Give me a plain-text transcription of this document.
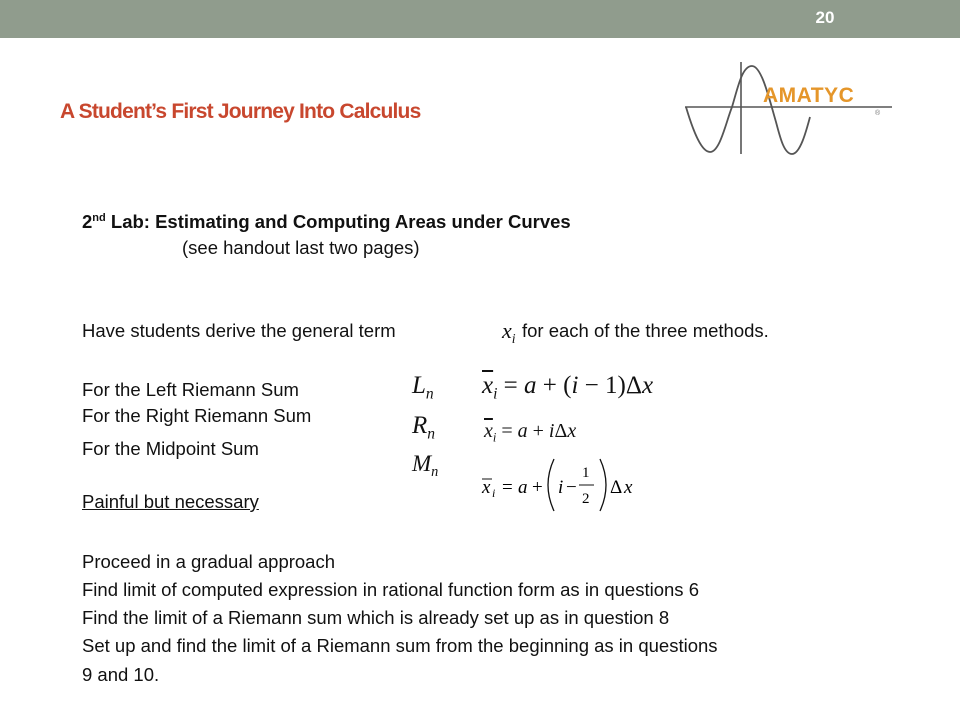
20
A Student’s First Journey Into Calculus
AMATYC
®
2nd Lab: Estimating and Computing Areas under Curves
(see handout last two pages)
Have students derive the general term	$x_i$ for each of the three methods.
For the Left Riemann Sum
For the Right Riemann Sum
For the Midpoint Sum
$L_n$
$R_n$
$M_n$
$\overline{x}_i = a + (i - 1)\Delta x$
$\overline{x}_i = a + i\Delta x$
x i = a + i −
1
2
Δ x
Painful but necessary
Proceed in a gradual approach
Find limit of computed expression in rational function form as in questions 6
Find the limit of a Riemann sum which is already set up as in question 8
Set up and find the limit of a Riemann sum from the beginning as in questions
9 and 10.
